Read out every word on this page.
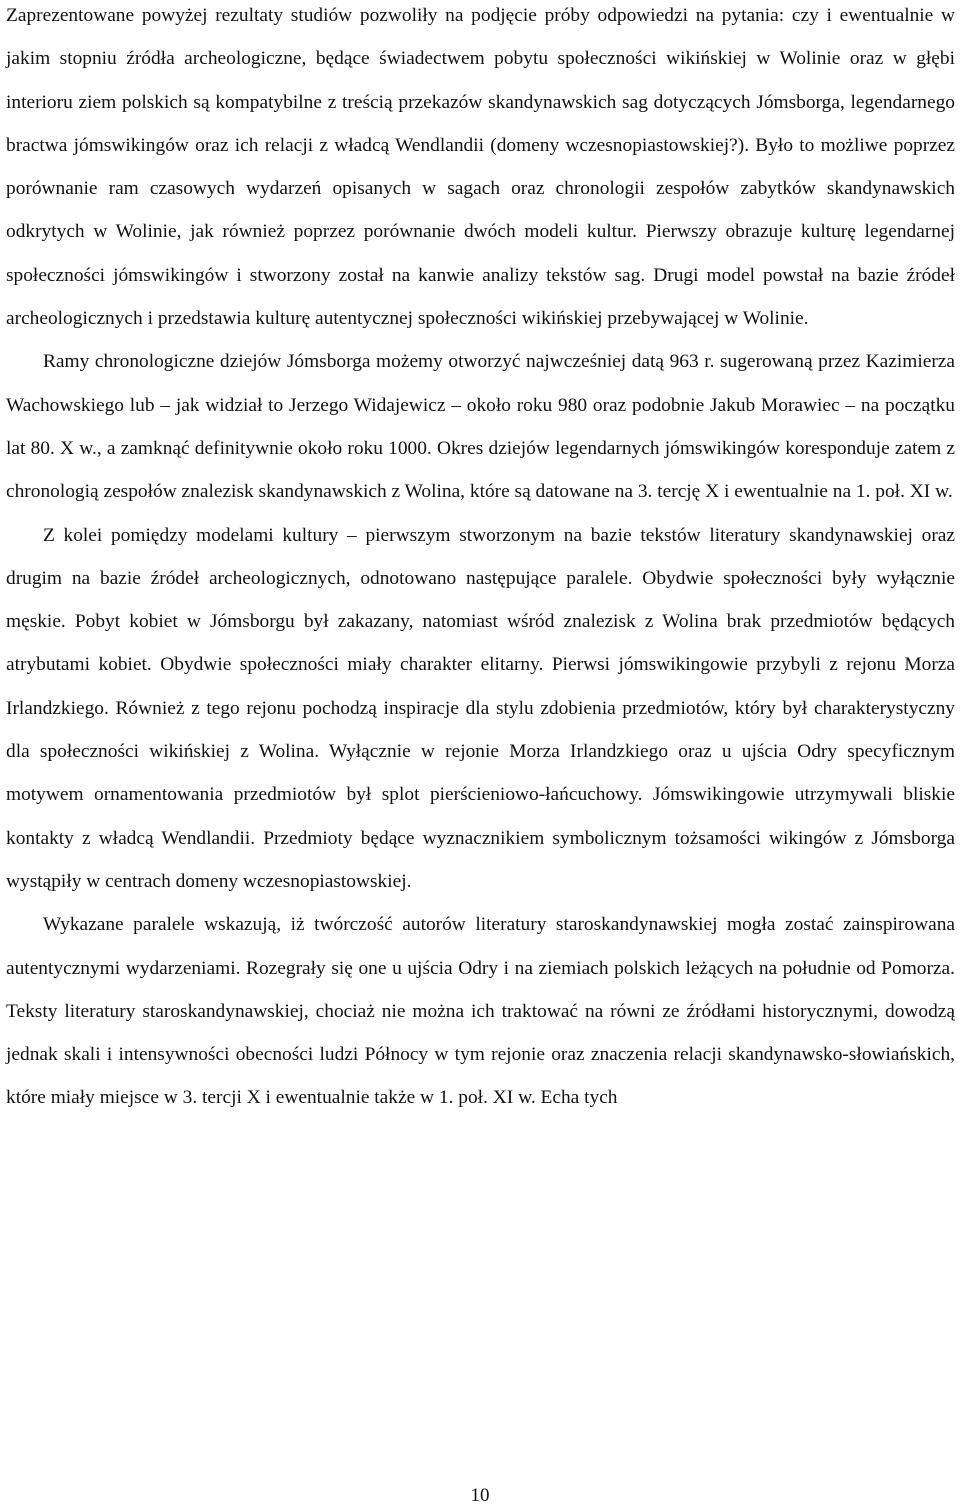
Zaprezentowane powyżej rezultaty studiów pozwoliły na podjęcie próby odpowiedzi na pytania: czy i ewentualnie w jakim stopniu źródła archeologiczne, będące świadectwem pobytu społeczności wikińskiej w Wolinie oraz w głębi interioru ziem polskich są kompatybilne z treścią przekazów skandynawskich sag dotyczących Jómsborga, legendarnego bractwa jómswikingów oraz ich relacji z władcą Wendlandii (domeny wczesnopiastowskiej?). Było to możliwe poprzez porównanie ram czasowych wydarzeń opisanych w sagach oraz chronologii zespołów zabytków skandynawskich odkrytych w Wolinie, jak również poprzez porównanie dwóch modeli kultur. Pierwszy obrazuje kulturę legendarnej społeczności jómswikingów i stworzony został na kanwie analizy tekstów sag. Drugi model powstał na bazie źródeł archeologicznych i przedstawia kulturę autentycznej społeczności wikińskiej przebywającej w Wolinie.

Ramy chronologiczne dziejów Jómsborga możemy otworzyć najwcześniej datą 963 r. sugerowaną przez Kazimierza Wachowskiego lub – jak widział to Jerzego Widajewicz – około roku 980 oraz podobnie Jakub Morawiec – na początku lat 80. X w., a zamknąć definitywnie około roku 1000. Okres dziejów legendarnych jómswikingów koresponduje zatem z chronologią zespołów znalezisk skandynawskich z Wolina, które są datowane na 3. tercję X i ewentualnie na 1. poł. XI w.

Z kolei pomiędzy modelami kultury – pierwszym stworzonym na bazie tekstów literatury skandynawskiej oraz drugim na bazie źródeł archeologicznych, odnotowano następujące paralele. Obydwie społeczności były wyłącznie męskie. Pobyt kobiet w Jómsborgu był zakazany, natomiast wśród znalezisk z Wolina brak przedmiotów będących atrybutami kobiet. Obydwie społeczności miały charakter elitarny. Pierwsi jómswikingowie przybyli z rejonu Morza Irlandzkiego. Również z tego rejonu pochodzą inspiracje dla stylu zdobienia przedmiotów, który był charakterystyczny dla społeczności wikińskiej z Wolina. Wyłącznie w rejonie Morza Irlandzkiego oraz u ujścia Odry specyficznym motywem ornamentowania przedmiotów był splot pierścieniowo-łańcuchowy. Jómswikingowie utrzymywali bliskie kontakty z władcą Wendlandii. Przedmioty będące wyznacznikiem symbolicznym tożsamości wikingów z Jómsborga wystąpiły w centrach domeny wczesnopiastowskiej.

Wykazane paralele wskazują, iż twórczość autorów literatury staroskandynawskiej mogła zostać zainspirowana autentycznymi wydarzeniami. Rozegrały się one u ujścia Odry i na ziemiach polskich leżących na południe od Pomorza. Teksty literatury staroskandynawskiej, chociaż nie można ich traktować na równi ze źródłami historycznymi, dowodzą jednak skali i intensywności obecności ludzi Północy w tym rejonie oraz znaczenia relacji skandynawsko-słowiańskich, które miały miejsce w 3. tercji X i ewentualnie także w 1. poł. XI w. Echa tych

10
